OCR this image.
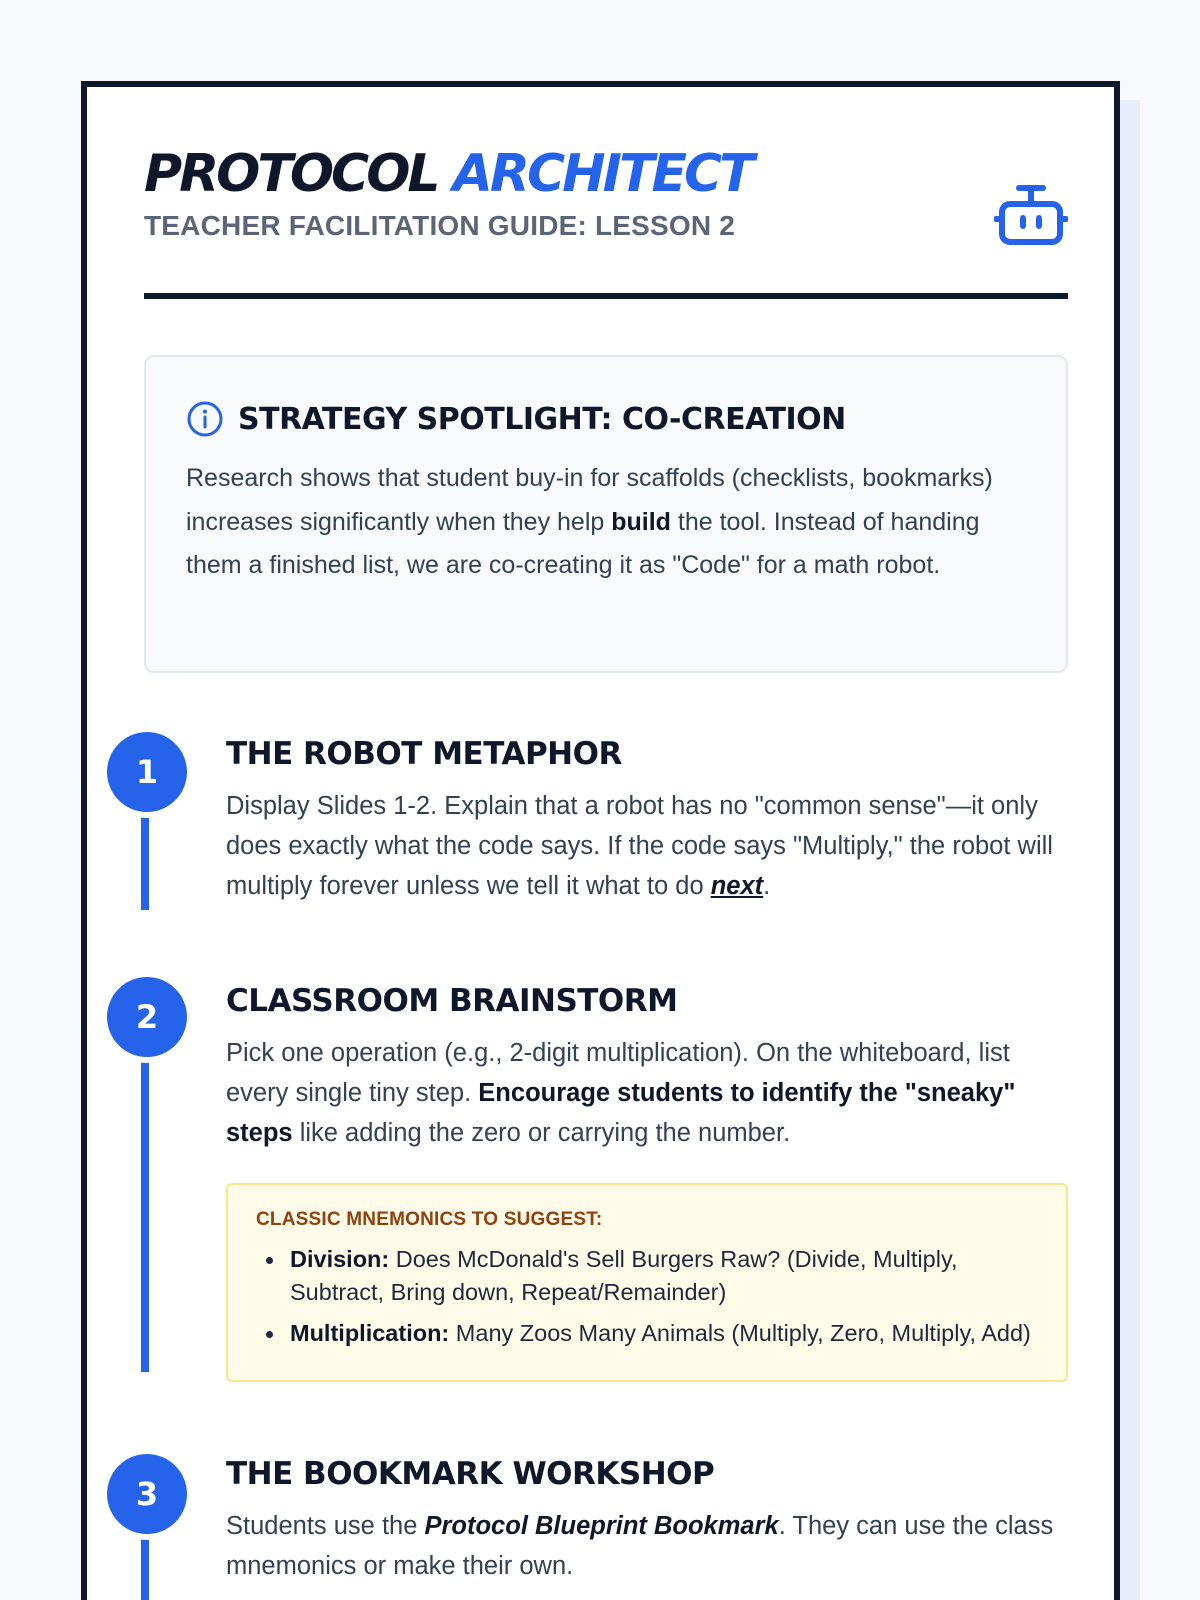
PROTOCOL ARCHITECT
TEACHER FACILITATION GUIDE: LESSON 2
STRATEGY SPOTLIGHT: CO-CREATION

Research shows that student buy-in for scaffolds (checklists, bookmarks) increases significantly when they help build the tool. Instead of handing them a finished list, we are co-creating it as "Code" for a math robot.

1	THE ROBOT METAPHOR

Display Slides 1-2. Explain that a robot has no "common sense"—it only does exactly what the code says. If the code says "Multiply," the robot will multiply forever unless we tell it what to do next.

2	CLASSROOM BRAINSTORM

Pick one operation (e.g., 2-digit multiplication). On the whiteboard, list every single tiny step. Encourage students to identify the "sneaky" steps like adding the zero or carrying the number.

CLASSIC MNEMONICS TO SUGGEST:
Division: Does McDonald's Sell Burgers Raw? (Divide, Multiply, Subtract, Bring down, Repeat/Remainder)
Multiplication: Many Zoos Many Animals (Multiply, Zero, Multiply, Add)
3
THE BOOKMARK WORKSHOP

Students use the Protocol Blueprint Bookmark. They can use the class mnemonics or make their own.
